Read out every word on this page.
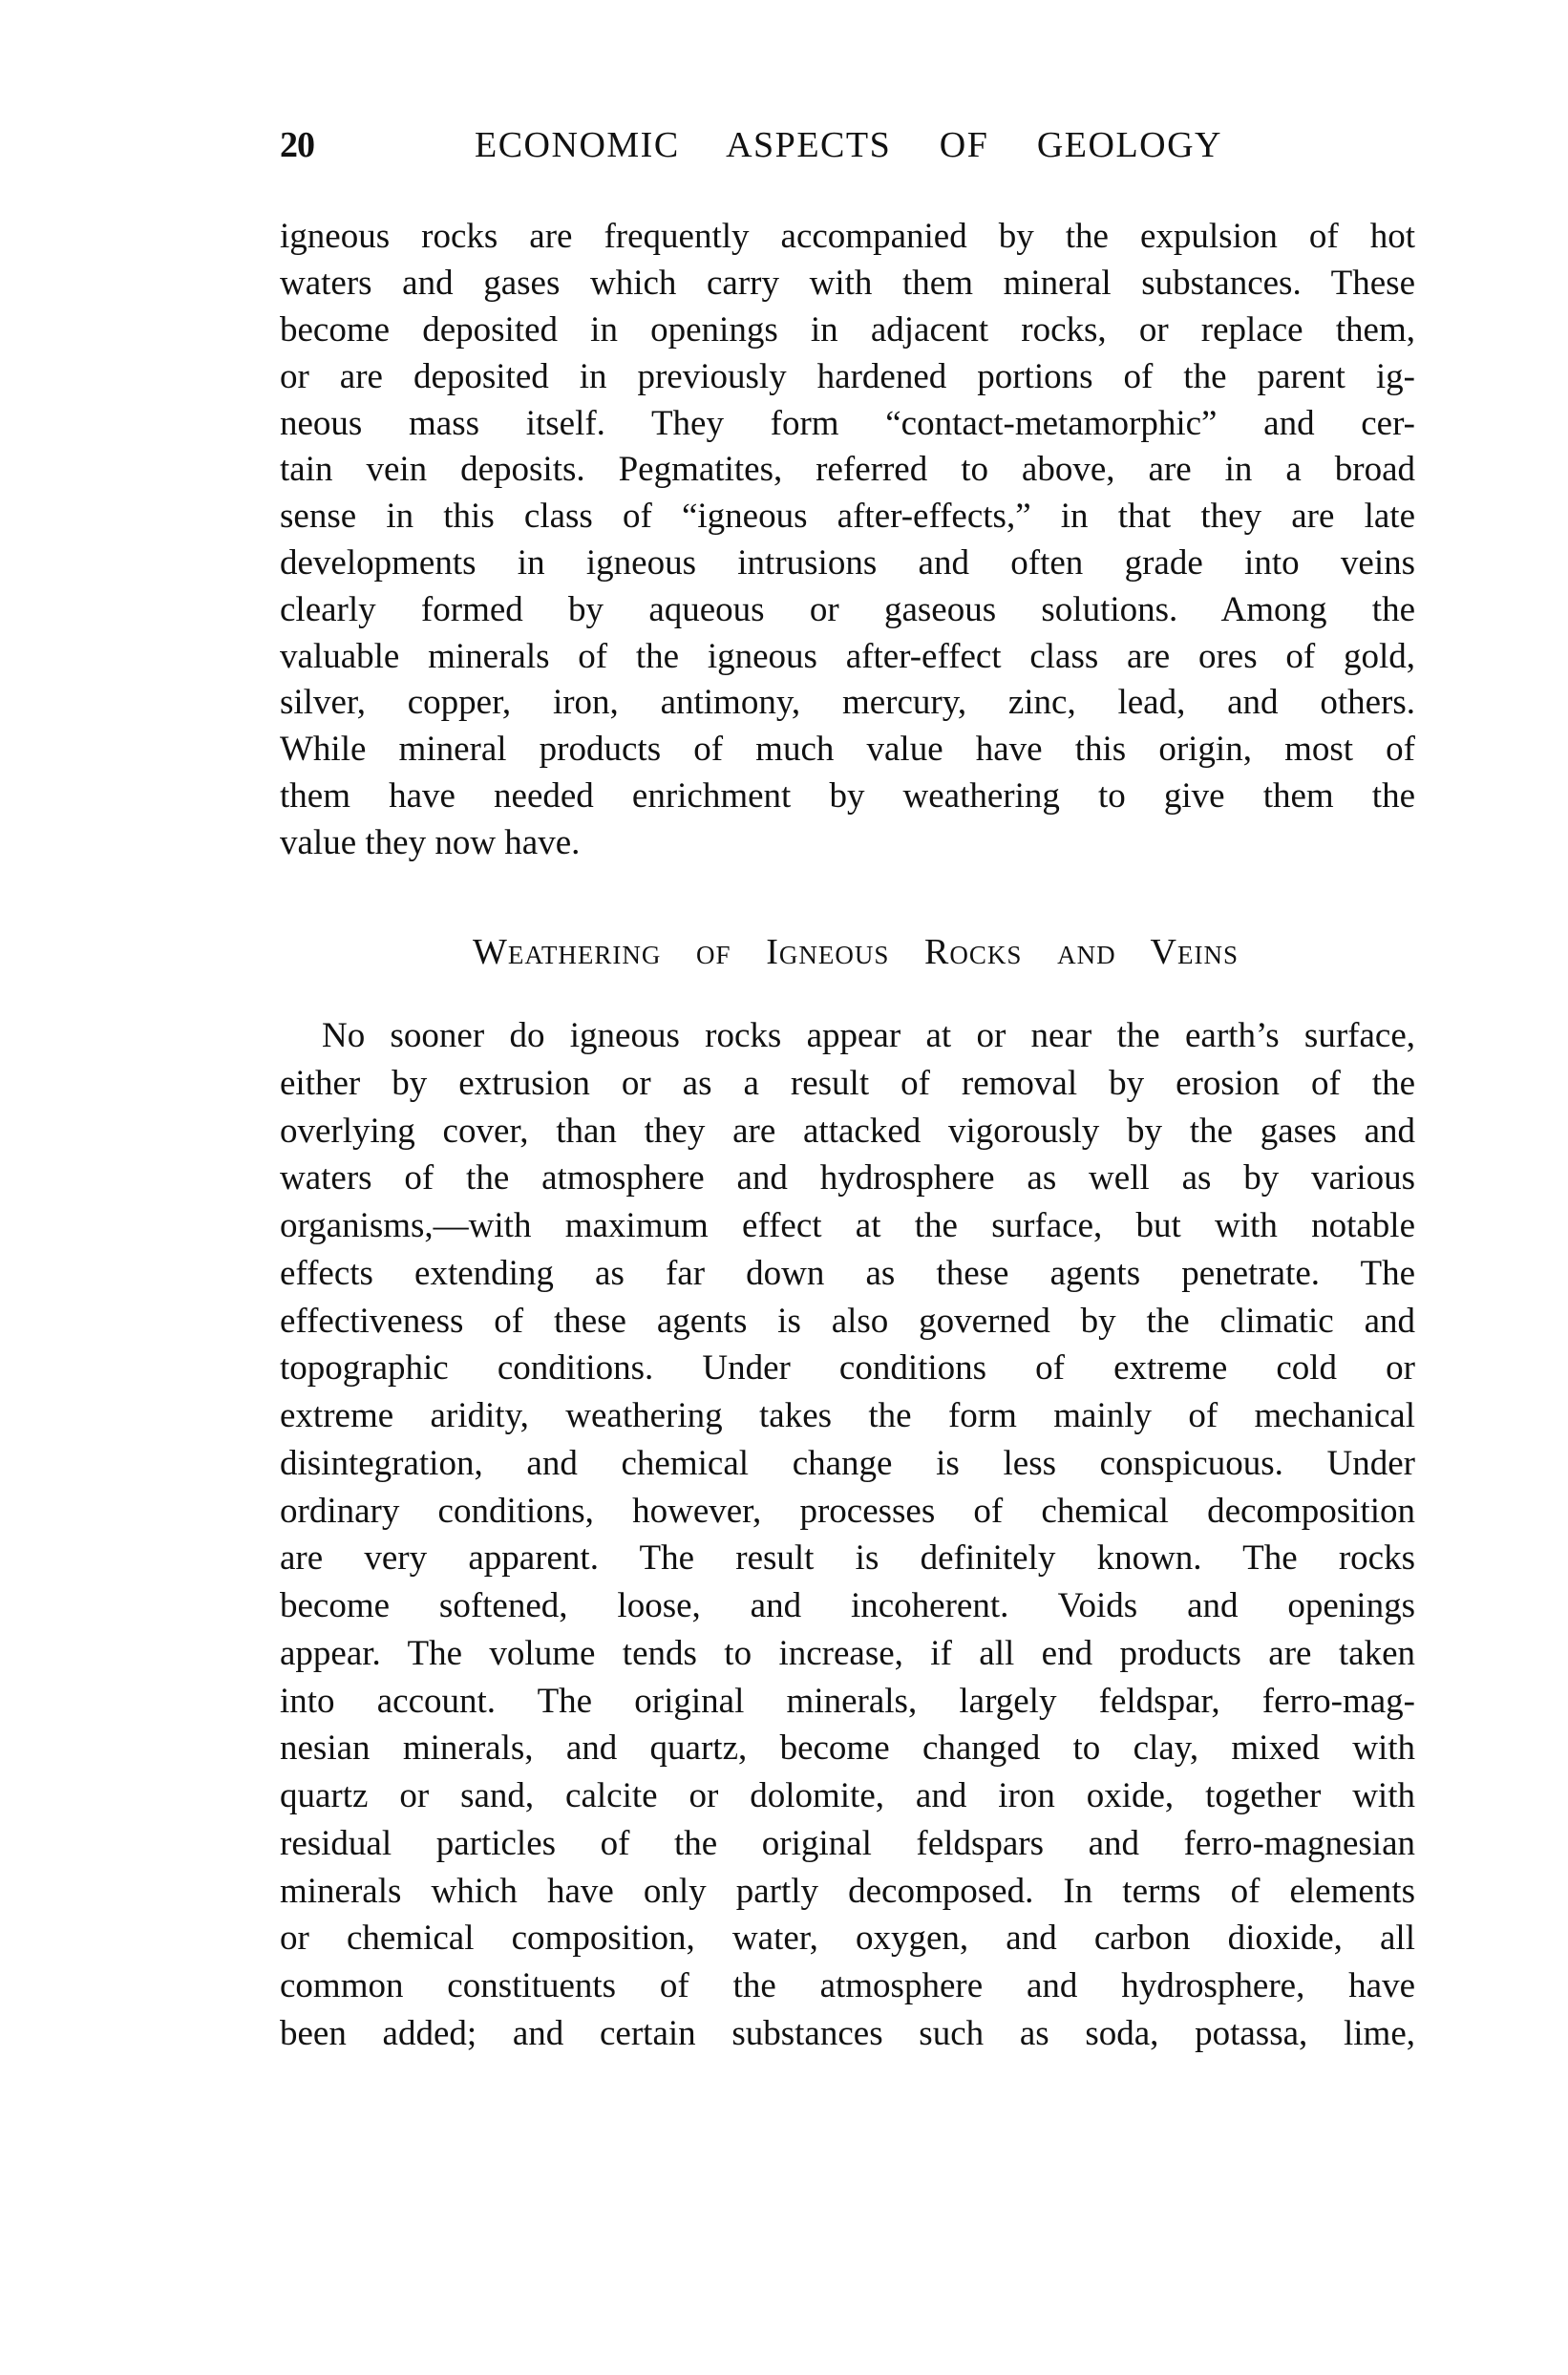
20	ECONOMIC ASPECTS OF GEOLOGY
igneous rocks are frequently accompanied by the expulsion of hot
waters and gases which carry with them mineral substances. These
become deposited in openings in adjacent rocks, or replace them,
or are deposited in previously hardened portions of the parent ig-
neous mass itself. They form “contact-metamorphic” and cer-
tain vein deposits. Pegmatites, referred to above, are in a broad
sense in this class of “igneous after-effects,” in that they are late
developments in igneous intrusions and often grade into veins
clearly formed by aqueous or gaseous solutions. Among the
valuable minerals of the igneous after-effect class are ores of gold,
silver, copper, iron, antimony, mercury, zinc, lead, and others.
While mineral products of much value have this origin, most of
them have needed enrichment by weathering to give them the
value they now have.
Weathering of Igneous Rocks and Veins
No sooner do igneous rocks appear at or near the earth’s surface,
either by extrusion or as a result of removal by erosion of the
overlying cover, than they are attacked vigorously by the gases and
waters of the atmosphere and hydrosphere as well as by various
organisms,—with maximum effect at the surface, but with notable
effects extending as far down as these agents penetrate. The
effectiveness of these agents is also governed by the climatic and
topographic conditions. Under conditions of extreme cold or
extreme aridity, weathering takes the form mainly of mechanical
disintegration, and chemical change is less conspicuous. Under
ordinary conditions, however, processes of chemical decomposition
are very apparent. The result is definitely known. The rocks
become softened, loose, and incoherent. Voids and openings
appear. The volume tends to increase, if all end products are taken
into account. The original minerals, largely feldspar, ferro-mag-
nesian minerals, and quartz, become changed to clay, mixed with
quartz or sand, calcite or dolomite, and iron oxide, together with
residual particles of the original feldspars and ferro-magnesian
minerals which have only partly decomposed. In terms of elements
or chemical composition, water, oxygen, and carbon dioxide, all
common constituents of the atmosphere and hydrosphere, have
been added; and certain substances such as soda, potassa, lime,
